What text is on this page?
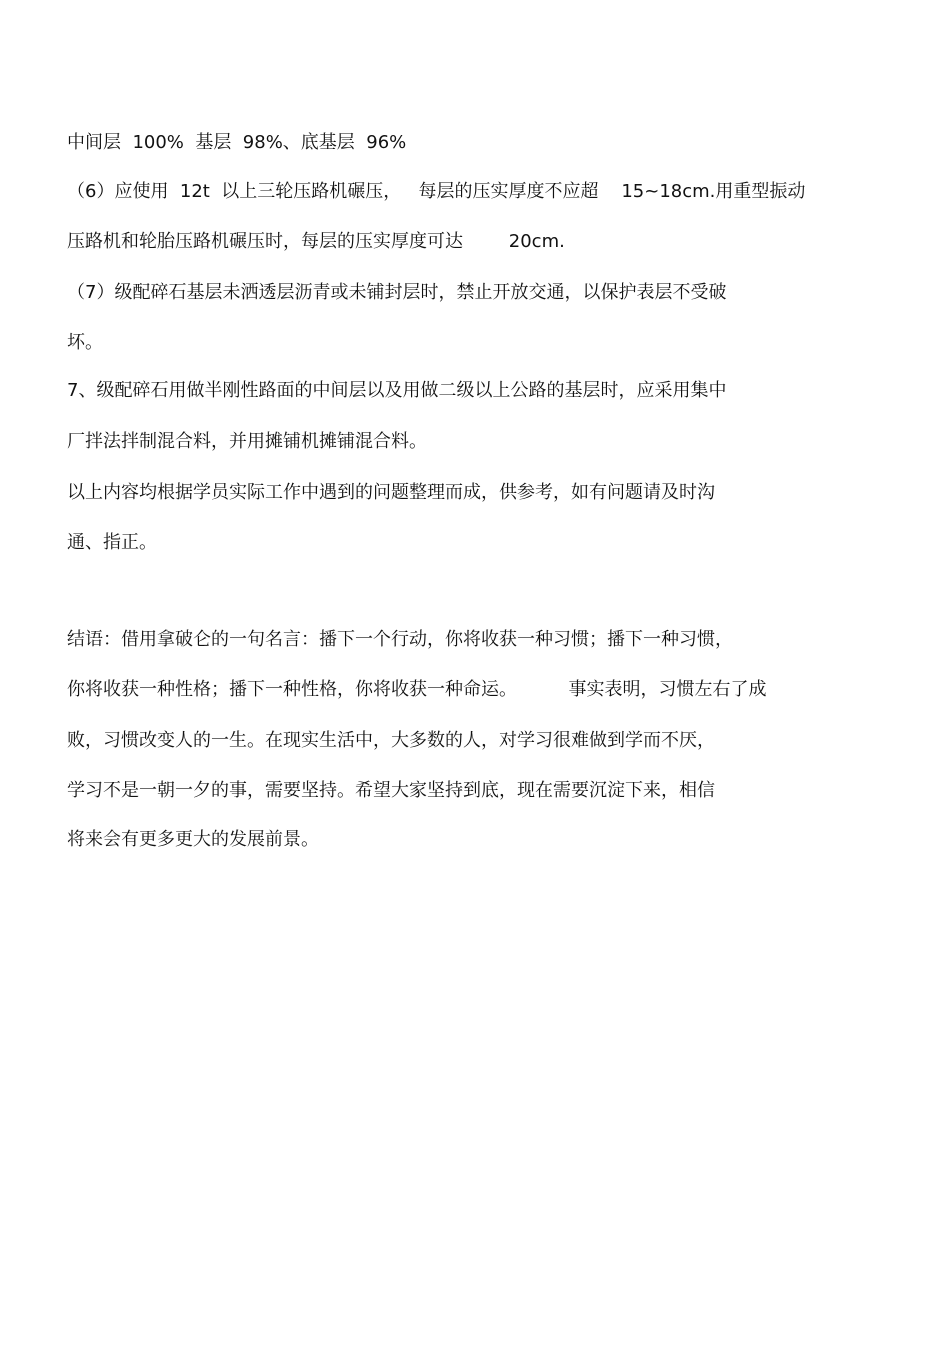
中间层  100%  基层  98%、底基层  96%
（6）应使用  12t  以上三轮压路机碾压，   每层的压实厚度不应超    15~18cm.用重型振动
压路机和轮胎压路机碾压时，每层的压实厚度可达        20cm.
（7）级配碎石基层未洒透层沥青或未铺封层时，禁止开放交通，以保护表层不受破
坏。
7、级配碎石用做半刚性路面的中间层以及用做二级以上公路的基层时，应采用集中
厂拌法拌制混合料，并用摊铺机摊铺混合料。
以上内容均根据学员实际工作中遇到的问题整理而成，供参考，如有问题请及时沟
通、指正。
结语：借用拿破仑的一句名言：播下一个行动，你将收获一种习惯；播下一种习惯，
你将收获一种性格；播下一种性格，你将收获一种命运。         事实表明，习惯左右了成
败，习惯改变人的一生。在现实生活中，大多数的人，对学习很难做到学而不厌，
学习不是一朝一夕的事，需要坚持。希望大家坚持到底，现在需要沉淀下来，相信
将来会有更多更大的发展前景。
